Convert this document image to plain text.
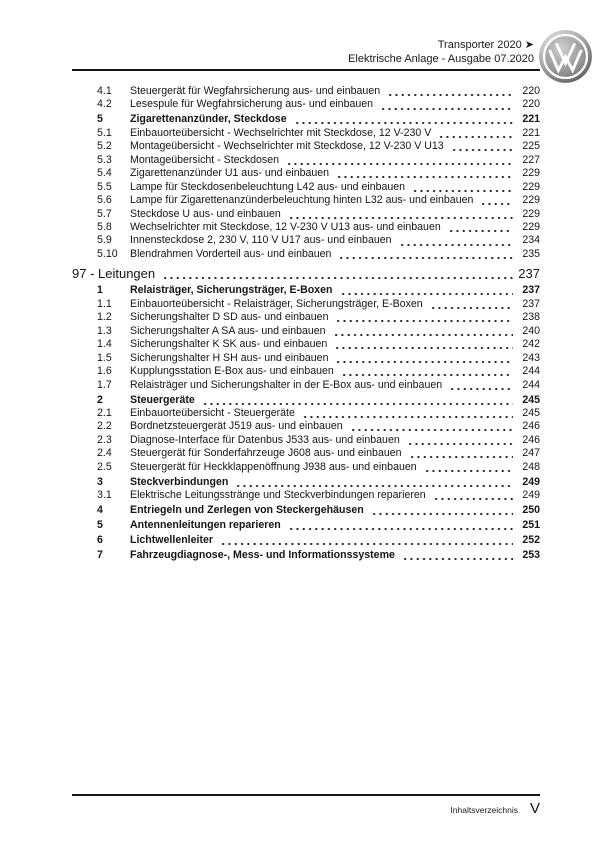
Transporter 2020 ➤
Elektrische Anlage - Ausgabe 07.2020
4.1	Steuergerät für Wegfahrsicherung aus- und einbauen	220
4.2	Lesespule für Wegfahrsicherung aus- und einbauen	220
5	Zigarettenanzünder, Steckdose	221
5.1	Einbauorteübersicht - Wechselrichter mit Steckdose, 12 V-230 V	221
5.2	Montageübersicht - Wechselrichter mit Steckdose, 12 V-230 V U13	225
5.3	Montageübersicht - Steckdosen	227
5.4	Zigarettenanzünder U1 aus- und einbauen	229
5.5	Lampe für Steckdosenbeleuchtung L42 aus- und einbauen	229
5.6	Lampe für Zigarettenanzünderbeleuchtung hinten L32 aus- und einbauen	229
5.7	Steckdose U aus- und einbauen	229
5.8	Wechselrichter mit Steckdose, 12 V-230 V U13 aus- und einbauen	229
5.9	Innensteckdose 2, 230 V, 110 V U17 aus- und einbauen	234
5.10	Blendrahmen Vorderteil aus- und einbauen	235
97 - Leitungen	237
1	Relaisträger, Sicherungsträger, E-Boxen	237
1.1	Einbauorteübersicht - Relaisträger, Sicherungsträger, E-Boxen	237
1.2	Sicherungshalter D SD aus- und einbauen	238
1.3	Sicherungshalter A SA aus- und einbauen	240
1.4	Sicherungshalter K SK aus- und einbauen	242
1.5	Sicherungshalter H SH aus- und einbauen	243
1.6	Kupplungsstation E-Box aus- und einbauen	244
1.7	Relaisträger und Sicherungshalter in der E-Box aus- und einbauen	244
2	Steuergeräte	245
2.1	Einbauorteübersicht - Steuergeräte	245
2.2	Bordnetzsteuergerät J519 aus- und einbauen	246
2.3	Diagnose-Interface für Datenbus J533 aus- und einbauen	246
2.4	Steuergerät für Sonderfahrzeuge J608 aus- und einbauen	247
2.5	Steuergerät für Heckklappenöffnung J938 aus- und einbauen	248
3	Steckverbindungen	249
3.1	Elektrische Leitungsstränge und Steckverbindungen reparieren	249
4	Entriegeln und Zerlegen von Steckergehäusen	250
5	Antennenleitungen reparieren	251
6	Lichtwellenleiter	252
7	Fahrzeugdiagnose-, Mess- und Informationssysteme	253
Inhaltsverzeichnis V
